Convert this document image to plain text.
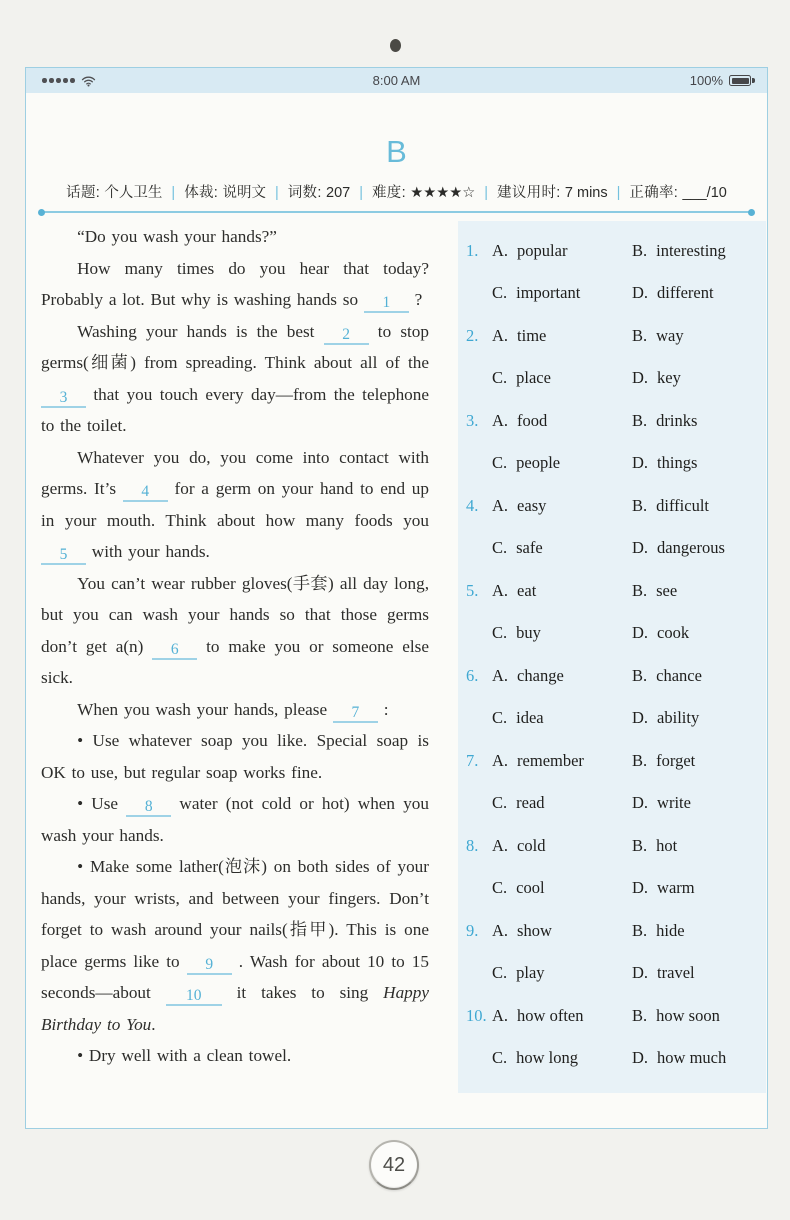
8:00 AM	100%
B
话题: 个人卫生 | 体裁: 说明文 | 词数: 207 | 难度: ★★★★☆ | 建议用时: 7 mins | 正确率: ___/10

“Do you wash your hands?”

How many times do you hear that today? Probably a lot. But why is washing hands so 1 ?

Washing your hands is the best 2 to stop germs(细菌) from spreading. Think about all of the 3 that you touch every day—from the telephone to the toilet.

Whatever you do, you come into contact with germs. It’s 4 for a germ on your hand to end up in your mouth. Think about how many foods you 5 with your hands.

You can’t wear rubber gloves(手套) all day long, but you can wash your hands so that those germs don’t get a(n) 6 to make you or someone else sick.

When you wash your hands, please 7 :

• Use whatever soap you like. Special soap is OK to use, but regular soap works fine.

• Use 8 water (not cold or hot) when you wash your hands.

• Make some lather(泡沫) on both sides of your hands, your wrists, and between your fingers. Don’t forget to wash around your nails(指甲). This is one place germs like to 9 . Wash for about 10 to 15 seconds—about 10 it takes to sing Happy Birthday to You.

• Dry well with a clean towel.

1. A. popular	B. interesting
C. important	D. different
2. A. time	B. way
C. place	D. key
3. A. food	B. drinks
C. people	D. things
4. A. easy	B. difficult
C. safe	D. dangerous
5. A. eat	B. see
C. buy	D. cook
6. A. change	B. chance
C. idea	D. ability
7. A. remember	B. forget
C. read	D. write
8. A. cold	B. hot
C. cool	D. warm
9. A. show	B. hide
C. play	D. travel
10. A. how often	B. how soon
C. how long	D. how much
42
